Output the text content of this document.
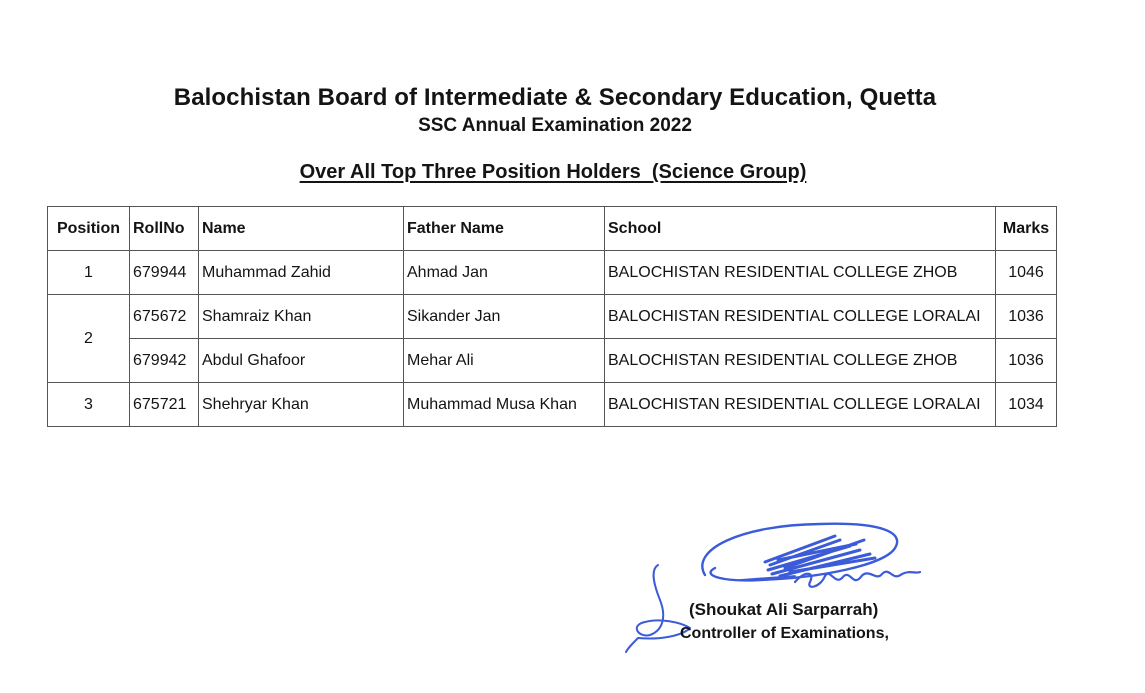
Balochistan Board of Intermediate & Secondary Education, Quetta
SSC Annual Examination 2022
Over All Top Three Position Holders  (Science Group)
Position	RollNo	Name	Father Name	School	Marks
1	679944	Muhammad Zahid	Ahmad Jan	BALOCHISTAN RESIDENTIAL COLLEGE ZHOB	1046
2	675672	Shamraiz Khan	Sikander Jan	BALOCHISTAN RESIDENTIAL COLLEGE LORALAI	1036
	679942	Abdul Ghafoor	Mehar Ali	BALOCHISTAN RESIDENTIAL COLLEGE ZHOB	1036
3	675721	Shehryar Khan	Muhammad Musa Khan	BALOCHISTAN RESIDENTIAL COLLEGE LORALAI	1034
(Shoukat Ali Sarparrah)
Controller of Examinations,
